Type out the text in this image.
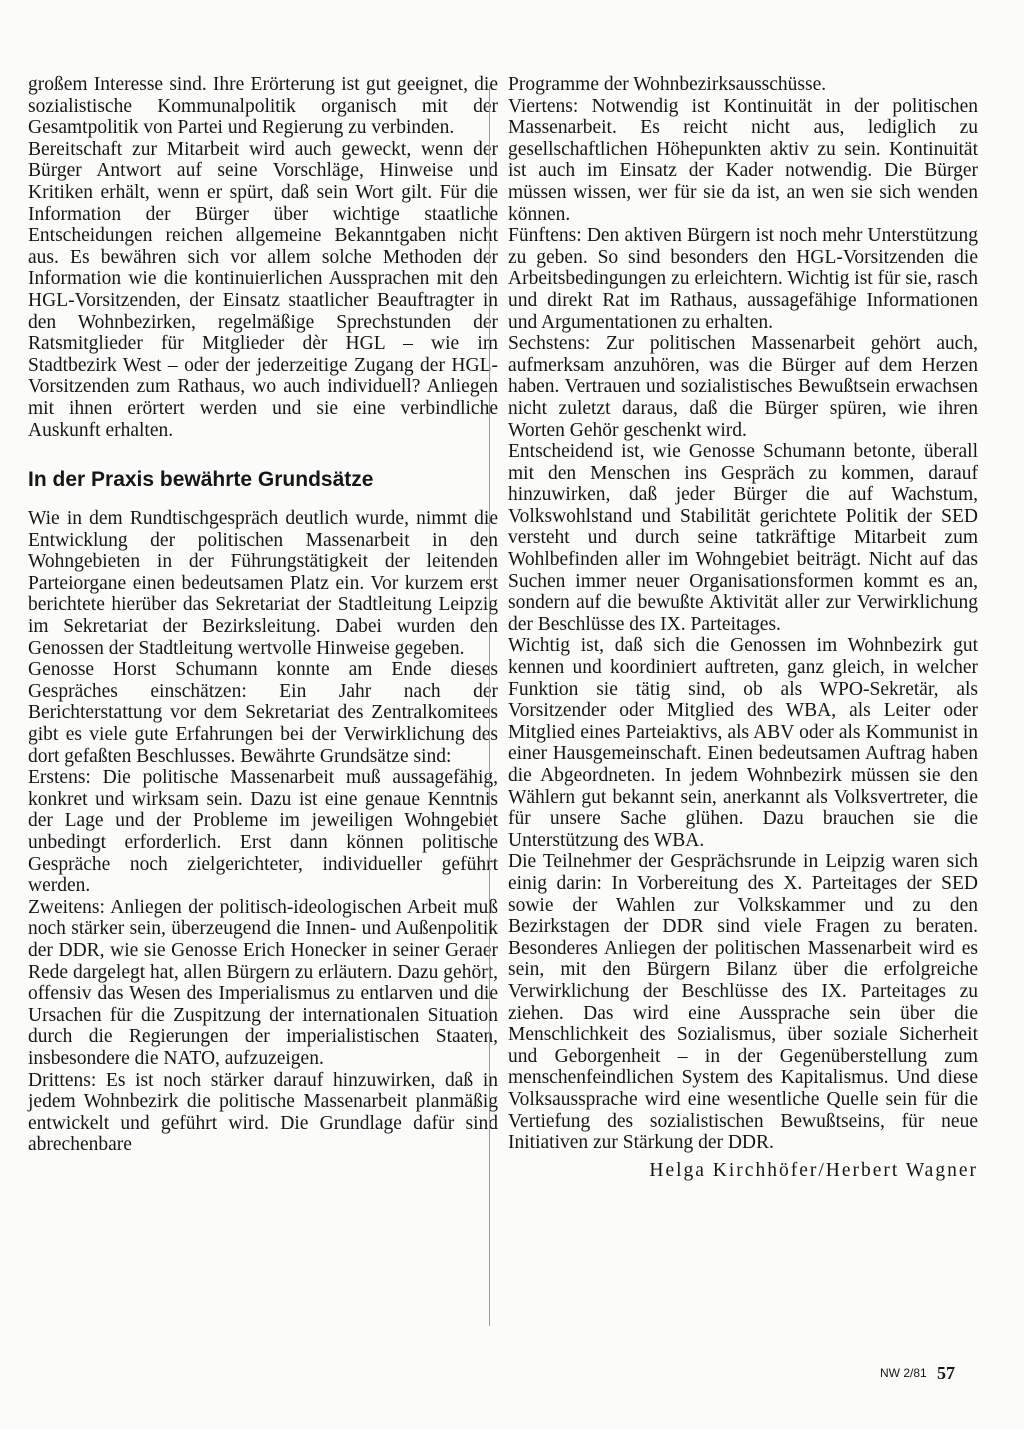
großem Interesse sind. Ihre Erörterung ist gut geeignet, die sozialistische Kommunalpolitik organisch mit der Gesamtpolitik von Partei und Regierung zu verbinden.

Bereitschaft zur Mitarbeit wird auch geweckt, wenn der Bürger Antwort auf seine Vorschläge, Hinweise und Kritiken erhält, wenn er spürt, daß sein Wort gilt. Für die Information der Bürger über wichtige staatliche Entscheidungen reichen allgemeine Bekanntgaben nicht aus. Es bewähren sich vor allem solche Methoden der Information wie die kontinuierlichen Aussprachen mit den HGL-Vorsitzenden, der Einsatz staatlicher Beauftragter in den Wohnbezirken, regelmäßige Sprechstunden der Ratsmitglieder für Mitglieder dèr HGL – wie im Stadtbezirk West – oder der jederzeitige Zugang der HGL-Vorsitzenden zum Rathaus, wo auch individuell? Anliegen mit ihnen erörtert werden und sie eine verbindliche Auskunft erhalten.

In der Praxis bewährte Grundsätze

Wie in dem Rundtischgespräch deutlich wurde, nimmt die Entwicklung der politischen Massenarbeit in den Wohngebieten in der Führungstätigkeit der leitenden Parteiorgane einen bedeutsamen Platz ein. Vor kurzem erst berichtete hierüber das Sekretariat der Stadtleitung Leipzig im Sekretariat der Bezirksleitung. Dabei wurden den Genossen der Stadtleitung wertvolle Hinweise gegeben.

Genosse Horst Schumann konnte am Ende dieses Gespräches einschätzen: Ein Jahr nach der Berichterstattung vor dem Sekretariat des Zentralkomitees gibt es viele gute Erfahrungen bei der Verwirklichung des dort gefaßten Beschlusses. Bewährte Grundsätze sind:

Erstens: Die politische Massenarbeit muß aussagefähig, konkret und wirksam sein. Dazu ist eine genaue Kenntnis der Lage und der Probleme im jeweiligen Wohngebiet unbedingt erforderlich. Erst dann können politische Gespräche noch zielgerichteter, individueller geführt werden.

Zweitens: Anliegen der politisch-ideologischen Arbeit muß noch stärker sein, überzeugend die Innen- und Außenpolitik der DDR, wie sie Genosse Erich Honecker in seiner Geraer Rede dargelegt hat, allen Bürgern zu erläutern. Dazu gehört, offensiv das Wesen des Imperialismus zu entlarven und die Ursachen für die Zuspitzung der internationalen Situation durch die Regierungen der imperialistischen Staaten, insbesondere die NATO, aufzuzeigen.

Drittens: Es ist noch stärker darauf hinzuwirken, daß in jedem Wohnbezirk die politische Massenarbeit planmäßig entwickelt und geführt wird. Die Grundlage dafür sind abrechenbare

Programme der Wohnbezirksausschüsse.

Viertens: Notwendig ist Kontinuität in der politischen Massenarbeit. Es reicht nicht aus, lediglich zu gesellschaftlichen Höhepunkten aktiv zu sein. Kontinuität ist auch im Einsatz der Kader notwendig. Die Bürger müssen wissen, wer für sie da ist, an wen sie sich wenden können.

Fünftens: Den aktiven Bürgern ist noch mehr Unterstützung zu geben. So sind besonders den HGL-Vorsitzenden die Arbeitsbedingungen zu erleichtern. Wichtig ist für sie, rasch und direkt Rat im Rathaus, aussagefähige Informationen und Argumentationen zu erhalten.

Sechstens: Zur politischen Massenarbeit gehört auch, aufmerksam anzuhören, was die Bürger auf dem Herzen haben. Vertrauen und sozialistisches Bewußtsein erwachsen nicht zuletzt daraus, daß die Bürger spüren, wie ihren Worten Gehör geschenkt wird.

Entscheidend ist, wie Genosse Schumann betonte, überall mit den Menschen ins Gespräch zu kommen, darauf hinzuwirken, daß jeder Bürger die auf Wachstum, Volkswohlstand und Stabilität gerichtete Politik der SED versteht und durch seine tatkräftige Mitarbeit zum Wohlbefinden aller im Wohngebiet beiträgt. Nicht auf das Suchen immer neuer Organisationsformen kommt es an, sondern auf die bewußte Aktivität aller zur Verwirklichung der Beschlüsse des IX. Parteitages.

Wichtig ist, daß sich die Genossen im Wohnbezirk gut kennen und koordiniert auftreten, ganz gleich, in welcher Funktion sie tätig sind, ob als WPO-Sekretär, als Vorsitzender oder Mitglied des WBA, als Leiter oder Mitglied eines Parteiaktivs, als ABV oder als Kommunist in einer Hausgemeinschaft. Einen bedeutsamen Auftrag haben die Abgeordneten. In jedem Wohnbezirk müssen sie den Wählern gut bekannt sein, anerkannt als Volksvertreter, die für unsere Sache glühen. Dazu brauchen sie die Unterstützung des WBA.

Die Teilnehmer der Gesprächsrunde in Leipzig waren sich einig darin: In Vorbereitung des X. Parteitages der SED sowie der Wahlen zur Volkskammer und zu den Bezirkstagen der DDR sind viele Fragen zu beraten. Besonderes Anliegen der politischen Massenarbeit wird es sein, mit den Bürgern Bilanz über die erfolgreiche Verwirklichung der Beschlüsse des IX. Parteitages zu ziehen. Das wird eine Aussprache sein über die Menschlichkeit des Sozialismus, über soziale Sicherheit und Geborgenheit – in der Gegenüberstellung zum menschenfeindlichen System des Kapitalismus. Und diese Volksaussprache wird eine wesentliche Quelle sein für die Vertiefung des sozialistischen Bewußtseins, für neue Initiativen zur Stärkung der DDR.

Helga Kirchhöfer/Herbert Wagner
NW 2/81 57
